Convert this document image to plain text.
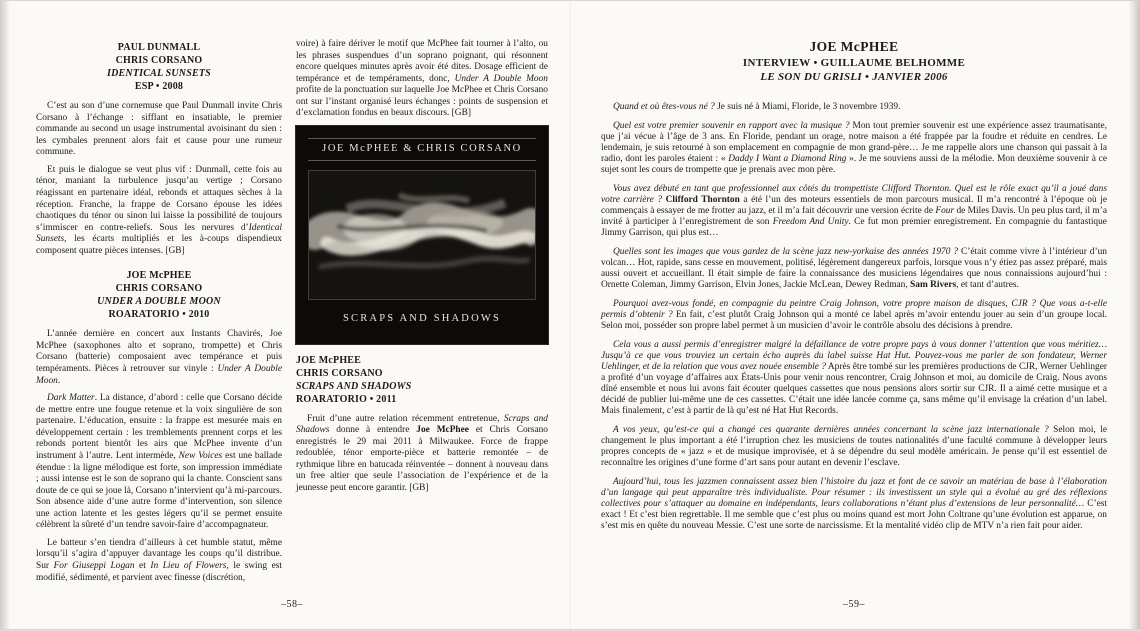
PAUL DUNMALL
CHRIS CORSANO
IDENTICAL SUNSETS
ESP • 2008

C’est au son d’une cornemuse que Paul Dunmall invite Chris Corsano à l’échange : sifflant en insatiable, le premier commande au second un usage instrumental avoisinant du sien : les cymbales prennent alors fait et cause pour une rumeur commune.

Et puis le dialogue se veut plus vif : Dunmall, cette fois au ténor, maniant la turbulence jusqu’au vertige ; Corsano réagissant en partenaire idéal, rebonds et attaques sèches à la réception. Franche, la frappe de Corsano épouse les idées chaotiques du ténor ou sinon lui laisse la possibilité de toujours s’immiscer en contre-reliefs. Sous les nervures d’Identical Sunsets, les écarts multipliés et les à-coups dispendieux composent quatre pièces intenses. [GB]

JOE McPHEE
CHRIS CORSANO
UNDER A DOUBLE MOON
ROARATORIO • 2010

L’année dernière en concert aux Instants Chavirés, Joe McPhee (saxophones alto et soprano, trompette) et Chris Corsano (batterie) composaient avec tempérance et puis tempéraments. Pièces à retrouver sur vinyle : Under A Double Moon.

Dark Matter. La distance, d’abord : celle que Corsano décide de mettre entre une fougue retenue et la voix singulière de son partenaire. L’éducation, ensuite : la frappe est mesurée mais en développement certain : les tremblements prennent corps et les rebonds portent bientôt les airs que McPhee invente d’un instrument à l’autre. Lent intermède, New Voices est une ballade étendue : la ligne mélodique est forte, son impression immédiate ; aussi intense est le son de soprano qui la chante. Conscient sans doute de ce qui se joue là, Corsano n’intervient qu’à mi-parcours. Son absence aide d’une autre forme d’intervention, son silence une action latente et les gestes légers qu’il se permet ensuite célèbrent la sûreté d’un tendre savoir-faire d’accompagnateur.

Le batteur s’en tiendra d’ailleurs à cet humble statut, même lorsqu’il s’agira d’appuyer davantage les coups qu’il distribue. Sur For Giuseppi Logan et In Lieu of Flowers, le swing est modifié, sédimenté, et parvient avec finesse (discrétion,

voire) à faire dériver le motif que McPhee fait tourner à l’alto, ou les phrases suspendues d’un soprano poignant, qui résonnent encore quelques minutes après avoir été dites. Dosage efficient de tempérance et de tempéraments, donc, Under A Double Moon profite de la ponctuation sur laquelle Joe McPhee et Chris Corsano ont sur l’instant organisé leurs échanges : points de suspension et d’exclamation fondus en beaux discours. [GB]

JOE McPHEE & CHRIS CORSANO
SCRAPS AND SHADOWS
JOE McPHEE
CHRIS CORSANO
SCRAPS AND SHADOWS
ROARATORIO • 2011

Fruit d’une autre relation récemment entretenue, Scraps and Shadows donne à entendre Joe McPhee et Chris Corsano enregistrés le 29 mai 2011 à Milwaukee. Force de frappe redoublée, ténor emporte-pièce et batterie remontée – de rythmique libre en batucada réinventée – donnent à nouveau dans un free altier que seule l’association de l’expérience et de la jeunesse peut encore garantir. [GB]

JOE McPHEE
INTERVIEW • GUILLAUME BELHOMME
LE SON DU GRISLI • JANVIER 2006

Quand et où êtes-vous né ? Je suis né à Miami, Floride, le 3 novembre 1939.

Quel est votre premier souvenir en rapport avec la musique ? Mon tout premier souvenir est une expérience assez traumatisante, que j’ai vécue à l’âge de 3 ans. En Floride, pendant un orage, notre maison a été frappée par la foudre et réduite en cendres. Le lendemain, je suis retourné à son emplacement en compagnie de mon grand-père… Je me rappelle alors une chanson qui passait à la radio, dont les paroles étaient : « Daddy I Want a Diamond Ring ». Je me souviens aussi de la mélodie. Mon deuxième souvenir à ce sujet sont les cours de trompette que je prenais avec mon père.

Vous avez débuté en tant que professionnel aux côtés du trompettiste Clifford Thornton. Quel est le rôle exact qu’il a joué dans votre carrière ? Clifford Thornton a été l’un des moteurs essentiels de mon parcours musical. Il m’a rencontré à l’époque où je commençais à essayer de me frotter au jazz, et il m’a fait découvrir une version écrite de Four de Miles Davis. Un peu plus tard, il m’a invité à participer à l’enregistrement de son Freedom And Unity. Ce fut mon premier enregistrement. En compagnie du fantastique Jimmy Garrison, qui plus est…

Quelles sont les images que vous gardez de la scène jazz new-yorkaise des années 1970 ? C’était comme vivre à l’intérieur d’un volcan… Hot, rapide, sans cesse en mouvement, politisé, légèrement dangereux parfois, lorsque vous n’y étiez pas assez préparé, mais aussi ouvert et accueillant. Il était simple de faire la connaissance des musiciens légendaires que nous connaissions aujourd’hui : Ornette Coleman, Jimmy Garrison, Elvin Jones, Jackie McLean, Dewey Redman, Sam Rivers, et tant d’autres.

Pourquoi avez-vous fondé, en compagnie du peintre Craig Johnson, votre propre maison de disques, CJR ? Que vous a-t-elle permis d’obtenir ? En fait, c’est plutôt Craig Johnson qui a monté ce label après m’avoir entendu jouer au sein d’un groupe local. Selon moi, posséder son propre label permet à un musicien d’avoir le contrôle absolu des décisions à prendre.

Cela vous a aussi permis d’enregistrer malgré la défaillance de votre propre pays à vous donner l’attention que vous méritiez… Jusqu’à ce que vous trouviez un certain écho auprès du label suisse Hat Hut. Pouvez-vous me parler de son fondateur, Werner Uehlinger, et de la relation que vous avez nouée ensemble ? Après être tombé sur les premières productions de CJR, Werner Uehlinger a profité d’un voyage d’affaires aux États-Unis pour venir nous rencontrer, Craig Johnson et moi, au domicile de Craig. Nous avons dîné ensemble et nous lui avons fait écouter quelques cassettes que nous pensions alors sortir sur CJR. Il a aimé cette musique et a décidé de publier lui-même une de ces cassettes. C’était une idée lancée comme ça, sans même qu’il envisage la création d’un label. Mais finalement, c’est à partir de là qu’est né Hat Hut Records.

A vos yeux, qu’est-ce qui a changé ces quarante dernières années concernant la scène jazz internationale ? Selon moi, le changement le plus important a été l’irruption chez les musiciens de toutes nationalités d’une faculté commune à développer leurs propres concepts de « jazz » et de musique improvisée, et à se dépendre du seul modèle américain. Je pense qu’il est essentiel de reconnaître les origines d’une forme d’art sans pour autant en devenir l’esclave.

Aujourd’hui, tous les jazzmen connaissent assez bien l’histoire du jazz et font de ce savoir un matériau de base à l’élaboration d’un langage qui peut apparaître très individualiste. Pour résumer : ils investissent un style qui a évolué au gré des réflexions collectives pour s’attaquer au domaine en indépendants, leurs collaborations n’étant plus d’extensions de leur personnalité… C’est exact ! Et c’est bien regrettable. Il me semble que c’est plus ou moins quand est mort John Coltrane qu’une évolution est apparue, on s’est mis en quête du nouveau Messie. C’est une sorte de narcissisme. Et la mentalité vidéo clip de MTV n’a rien fait pour aider.

–58–	–59–
